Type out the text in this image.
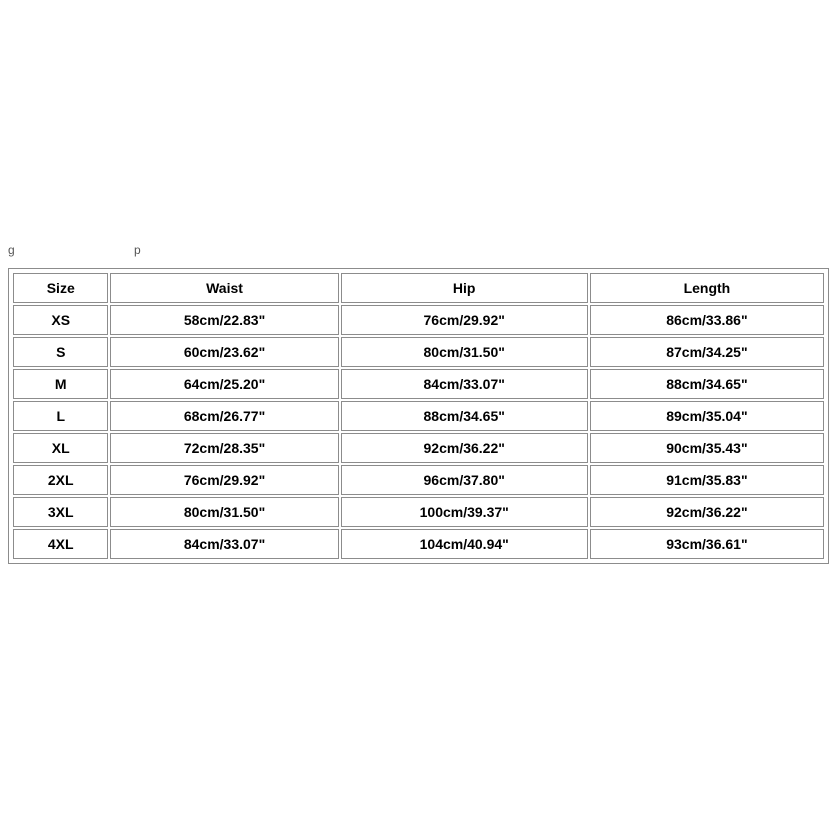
g	p
Size	Waist	Hip	Length
XS	58cm/22.83"	76cm/29.92"	86cm/33.86"
S	60cm/23.62"	80cm/31.50"	87cm/34.25"
M	64cm/25.20"	84cm/33.07"	88cm/34.65"
L	68cm/26.77"	88cm/34.65"	89cm/35.04"
XL	72cm/28.35"	92cm/36.22"	90cm/35.43"
2XL	76cm/29.92"	96cm/37.80"	91cm/35.83"
3XL	80cm/31.50"	100cm/39.37"	92cm/36.22"
4XL	84cm/33.07"	104cm/40.94"	93cm/36.61"
